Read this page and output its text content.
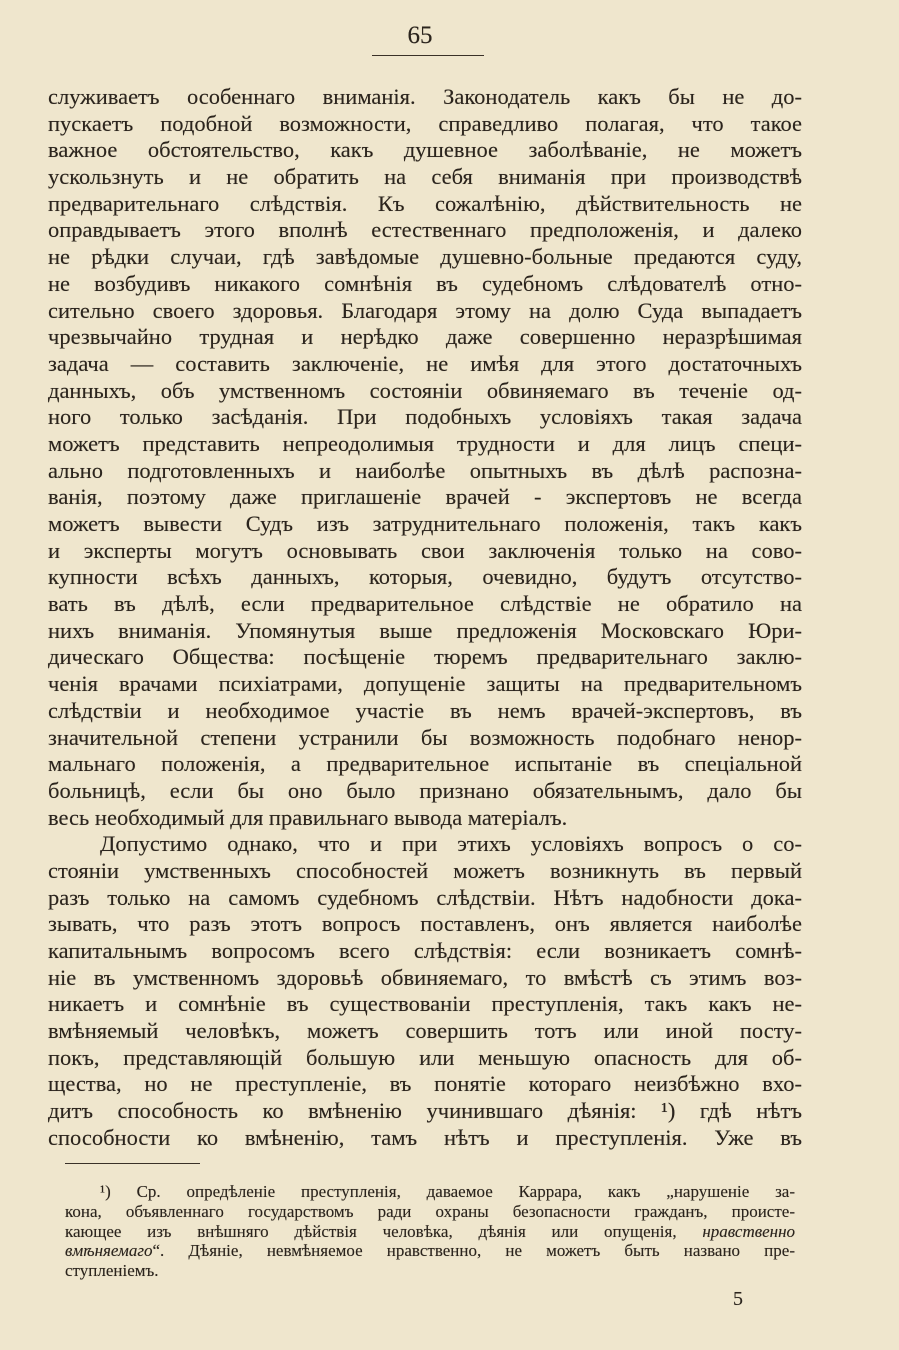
65
служиваетъ особеннаго вниманія. Законодатель какъ бы не до-
пускаетъ подобной возможности, справедливо полагая, что такое
важное обстоятельство, какъ душевное заболѣваніе, не можетъ
ускользнуть и не обратить на себя вниманія при производствѣ
предварительнаго слѣдствія. Къ сожалѣнію, дѣйствительность не
оправдываетъ этого вполнѣ естественнаго предположенія, и далеко
не рѣдки случаи, гдѣ завѣдомые душевно-больные предаются суду,
не возбудивъ никакого сомнѣнія въ судебномъ слѣдователѣ отно-
сительно своего здоровья. Благодаря этому на долю Суда выпадаетъ
чрезвычайно трудная и нерѣдко даже совершенно неразрѣшимая
задача — составить заключеніе, не имѣя для этого достаточныхъ
данныхъ, объ умственномъ состояніи обвиняемаго въ теченіе од-
ного только засѣданія. При подобныхъ условіяхъ такая задача
можетъ представить непреодолимыя трудности и для лицъ специ-
ально подготовленныхъ и наиболѣе опытныхъ въ дѣлѣ распозна-
ванія, поэтому даже приглашеніе врачей - экспертовъ не всегда
можетъ вывести Судъ изъ затруднительнаго положенія, такъ какъ
и эксперты могутъ основывать свои заключенія только на сово-
купности всѣхъ данныхъ, которыя, очевидно, будутъ отсутство-
вать въ дѣлѣ, если предварительное слѣдствіе не обратило на
нихъ вниманія. Упомянутыя выше предложенія Московскаго Юри-
дическаго Общества: посѣщеніе тюремъ предварительнаго заклю-
ченія врачами психіатрами, допущеніе защиты на предварительномъ
слѣдствіи и необходимое участіе въ немъ врачей-экспертовъ, въ
значительной степени устранили бы возможность подобнаго ненор-
мальнаго положенія, а предварительное испытаніе въ спеціальной
больницѣ, если бы оно было признано обязательнымъ, дало бы
весь необходимый для правильнаго вывода матеріалъ.
Допустимо однако, что и при этихъ условіяхъ вопросъ о со-
стояніи умственныхъ способностей можетъ возникнуть въ первый
разъ только на самомъ судебномъ слѣдствіи. Нѣтъ надобности дока-
зывать, что разъ этотъ вопросъ поставленъ, онъ является наиболѣе
капитальнымъ вопросомъ всего слѣдствія: если возникаетъ сомнѣ-
ніе въ умственномъ здоровьѣ обвиняемаго, то вмѣстѣ съ этимъ воз-
никаетъ и сомнѣніе въ существованіи преступленія, такъ какъ не-
вмѣняемый человѣкъ, можетъ совершить тотъ или иной посту-
покъ, представляющій большую или меньшую опасность для об-
щества, но не преступленіе, въ понятіе котораго неизбѣжно вхо-
дитъ способность ко вмѣненію учинившаго дѣянія: ¹) гдѣ нѣтъ
способности ко вмѣненію, тамъ нѣтъ и преступленія. Уже въ
¹) Ср. опредѣленіе преступленія, даваемое Каррара, какъ „нарушеніе за-
кона, объявленнаго государствомъ ради охраны безопасности гражданъ, происте-
кающее изъ внѣшняго дѣйствія человѣка, дѣянія или опущенія, нравственно
вмѣняемаго“. Дѣяніе, невмѣняемое нравственно, не можетъ быть названо пре-
ступленіемъ.
5
